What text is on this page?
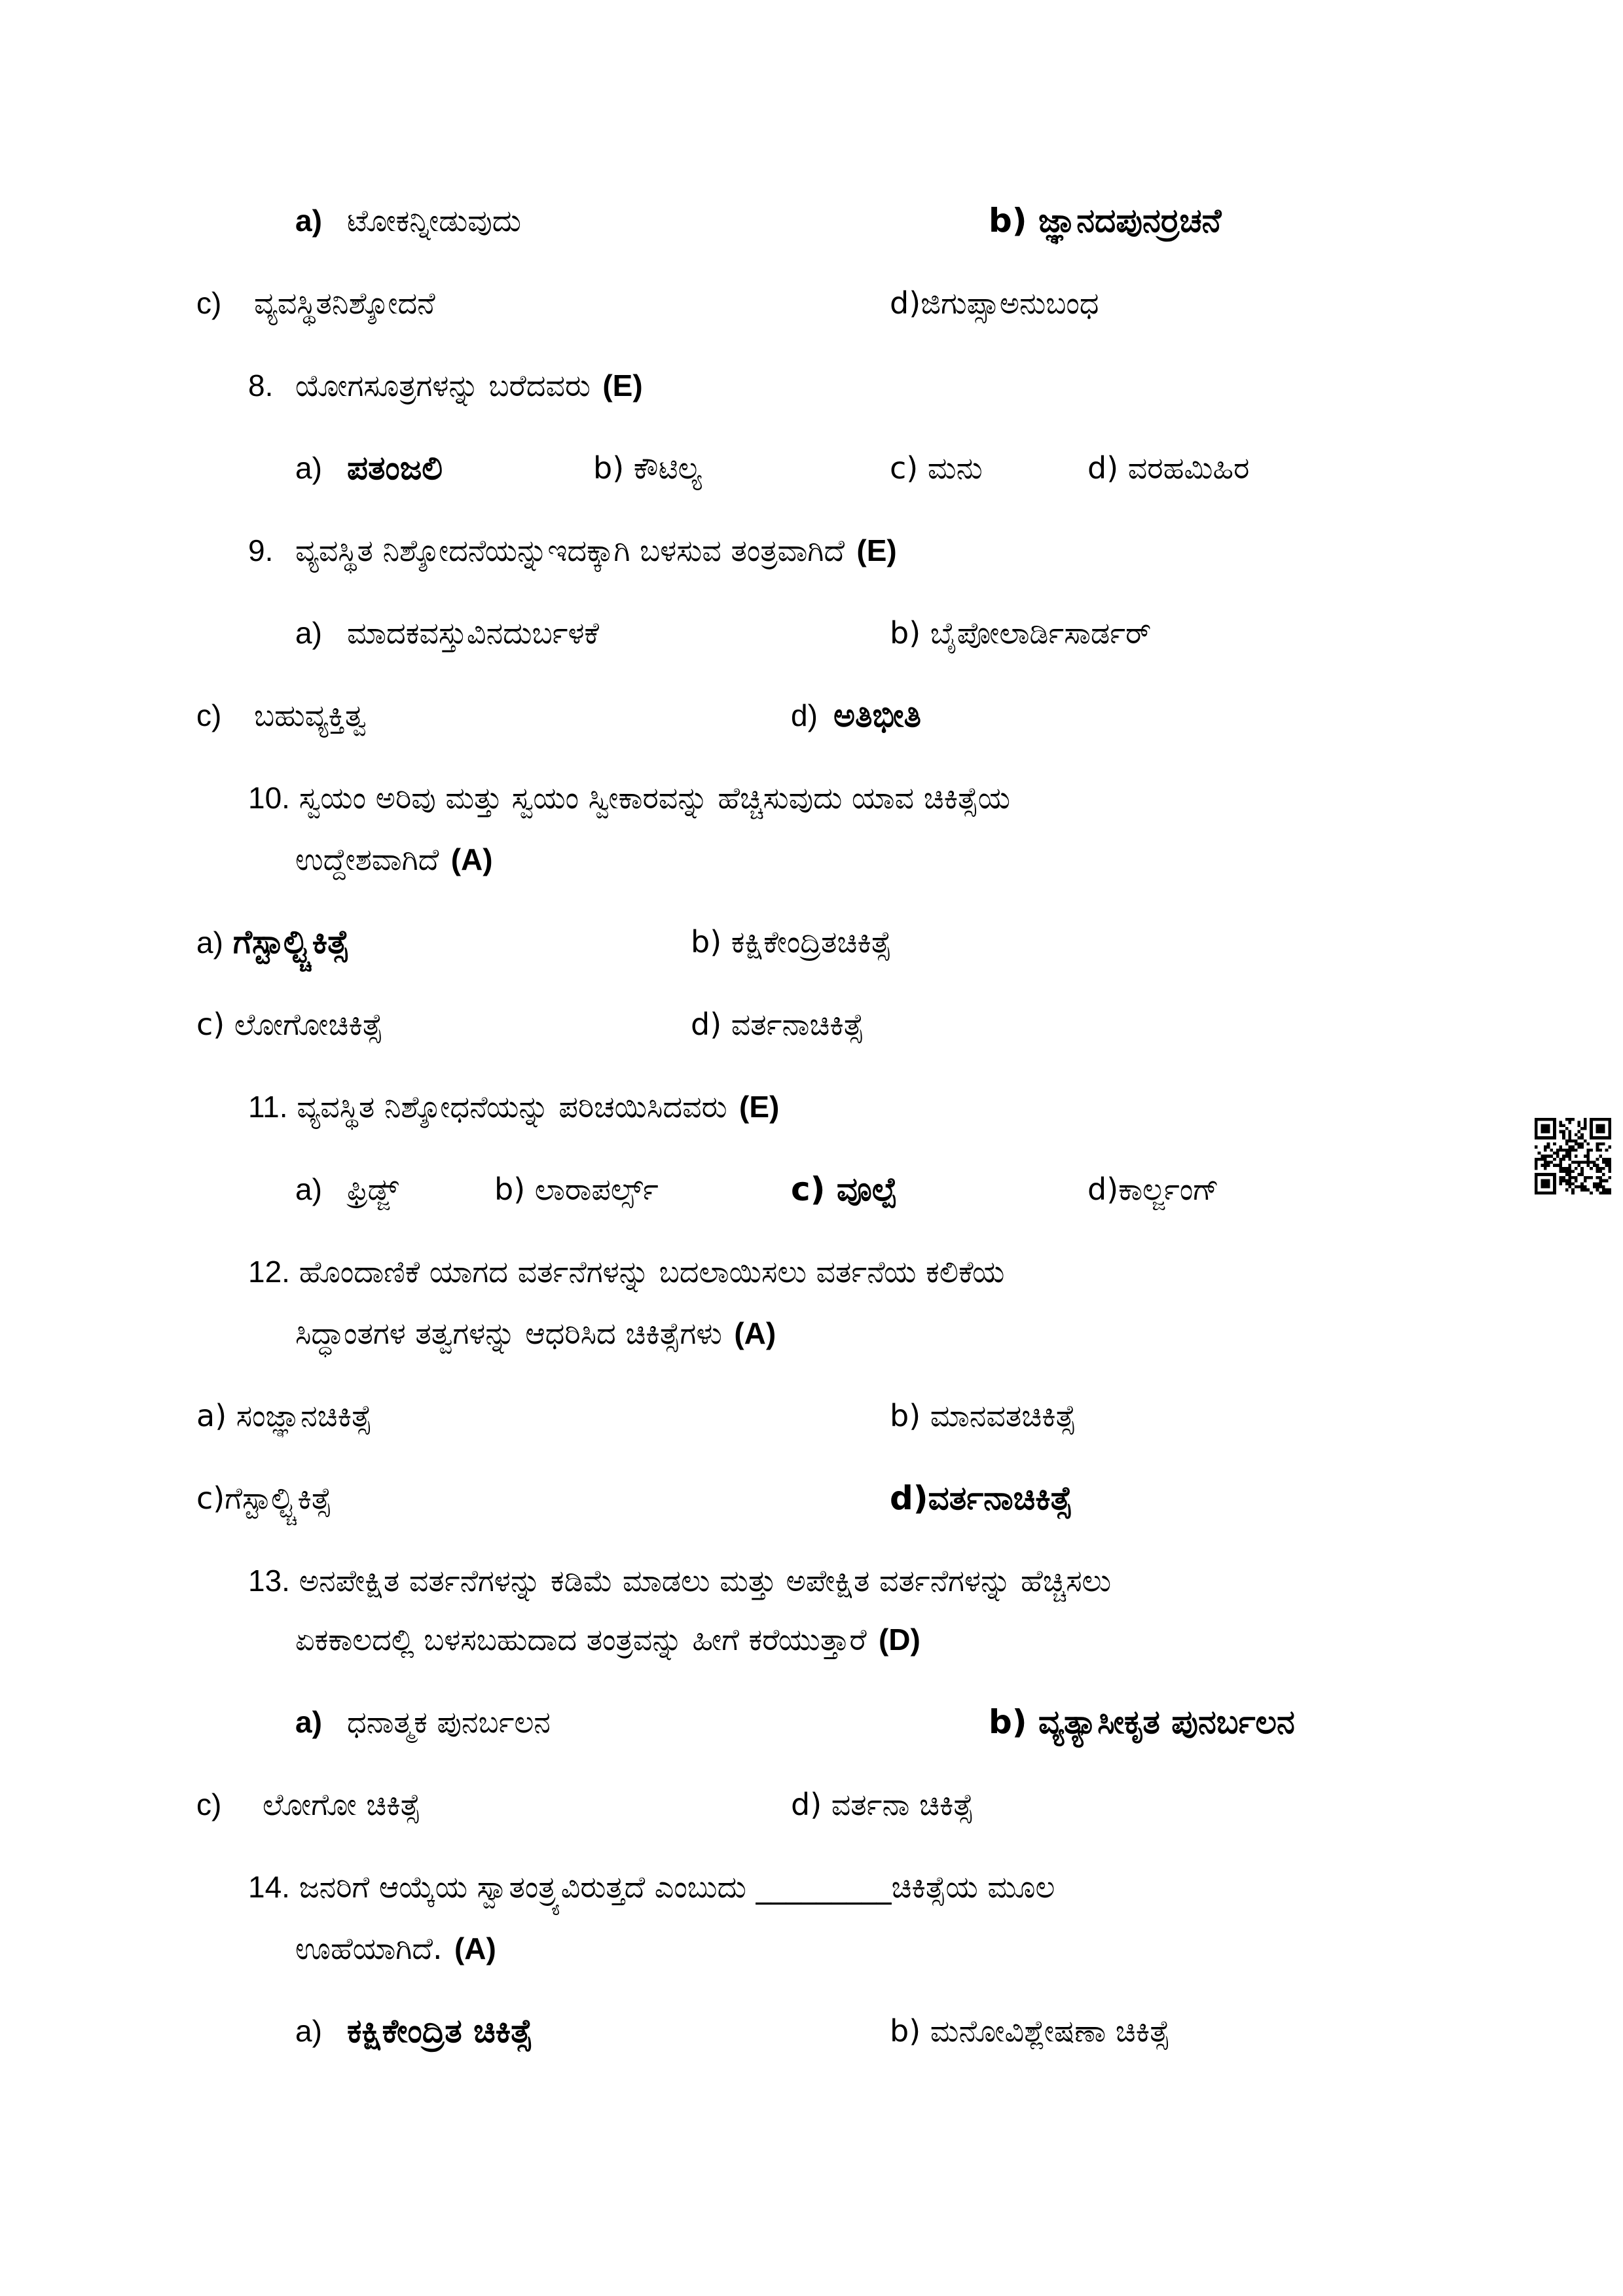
a) ಟೋಕನ್ನೀಡುವುದು	b) ಜ್ಞಾನದಪುನರ್ರಚನೆ
c) ವ್ಯವಸ್ಥಿತನಿಶ್ಶೋದನೆ	d)ಜಿಗುಪ್ಸಾಅನುಬಂಧ
8. ಯೋಗಸೂತ್ರಗಳನ್ನು ಬರೆದವರು (E)
a) ಪತಂಜಲಿ	b) ಕೌಟಿಲ್ಯ	c) ಮನು	d) ವರಹಮಿಹಿರ
9. ವ್ಯವಸ್ಥಿತ ನಿಶ್ಶೋದನೆಯನ್ನುಇದಕ್ಕಾಗಿ ಬಳಸುವ ತಂತ್ರವಾಗಿದೆ (E)
a) ಮಾದಕವಸ್ತುವಿನದುರ್ಬಳಕೆ	b) ಬೈಪೋಲಾರ್ಡಿಸಾರ್ಡರ್
c) ಬಹುವ್ಯಕ್ತಿತ್ವ	d) ಅತಿಭೀತಿ
10. ಸ್ವಯಂ ಅರಿವು ಮತ್ತು ಸ್ವಯಂ ಸ್ವೀಕಾರವನ್ನು ಹೆಚ್ಚಿಸುವುದು ಯಾವ ಚಿಕಿತ್ಸೆಯ
ಉದ್ದೇಶವಾಗಿದೆ (A)
a) ಗೆಸ್ಟಾಲ್ಟ್ಚಿಕಿತ್ಸೆ	b) ಕಕ್ಷಿಕೇಂದ್ರಿತಚಿಕಿತ್ಸೆ
c) ಲೋಗೋಚಿಕಿತ್ಸೆ	d) ವರ್ತನಾಚಿಕಿತ್ಸೆ
11. ವ್ಯವಸ್ಥಿತ ನಿಶ್ಶೋಧನೆಯನ್ನು ಪರಿಚಯಿಸಿದವರು (E)
a) ಫ್ರಿಡ್ಜ್	b) ಲಾರಾಪರ್ಲ್ಸ್	c) ವೂಲ್ಪೆ	d)ಕಾರ್ಲ್ಜಂಗ್
12. ಹೊಂದಾಣಿಕೆ ಯಾಗದ ವರ್ತನೆಗಳನ್ನು ಬದಲಾಯಿಸಲು ವರ್ತನೆಯ ಕಲಿಕೆಯ
ಸಿದ್ಧಾಂತಗಳ ತತ್ವಗಳನ್ನು ಆಧರಿಸಿದ ಚಿಕಿತ್ಸೆಗಳು (A)
a) ಸಂಜ್ಞಾನಚಿಕಿತ್ಸೆ	b) ಮಾನವತಚಿಕಿತ್ಸೆ
c)ಗೆಸ್ಟಾಲ್ಟ್ಚಿಕಿತ್ಸೆ	d)ವರ್ತನಾಚಿಕಿತ್ಸೆ
13. ಅನಪೇಕ್ಷಿತ ವರ್ತನೆಗಳನ್ನು ಕಡಿಮೆ ಮಾಡಲು ಮತ್ತು ಅಪೇಕ್ಷಿತ ವರ್ತನೆಗಳನ್ನು ಹೆಚ್ಚಿಸಲು
ಏಕಕಾಲದಲ್ಲಿ ಬಳಸಬಹುದಾದ ತಂತ್ರವನ್ನು ಹೀಗೆ ಕರೆಯುತ್ತಾರೆ (D)
a) ಧನಾತ್ಮಕ ಪುನರ್ಬಲನ	b) ವ್ಯತ್ಯಾಸೀಕೃತ ಪುನರ್ಬಲನ
c) ಲೋಗೋ ಚಿಕಿತ್ಸೆ	d) ವರ್ತನಾ ಚಿಕಿತ್ಸೆ
14. ಜನರಿಗೆ ಆಯ್ಕೆಯ ಸ್ವಾತಂತ್ರ್ಯವಿರುತ್ತದೆ ಎಂಬುದು _________ಚಿಕಿತ್ಸೆಯ ಮೂಲ
ಊಹೆಯಾಗಿದೆ. (A)
a) ಕಕ್ಷಿಕೇಂದ್ರಿತ ಚಿಕಿತ್ಸೆ	b) ಮನೋವಿಶ್ಲೇಷಣಾ ಚಿಕಿತ್ಸೆ
